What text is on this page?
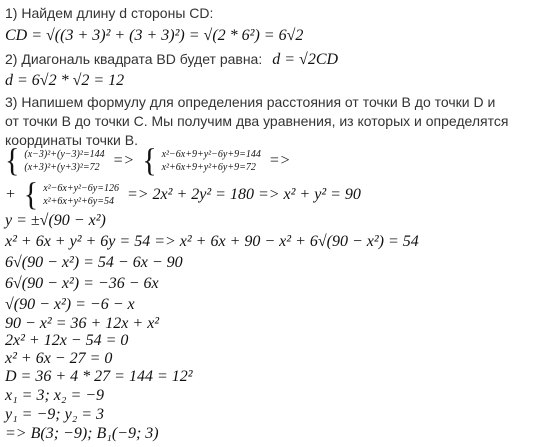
1) Найдем длину d стороны CD:
CD = √((3 + 3)² + (3 + 3)²) = √(2 * 6²) = 6√2
2) Диагональ квадрата BD будет равна: d = √2CD
d = 6√2 * √2 = 12
3) Напишем формулу для определения расстояния от точки B до точки D и
от точки B до точки C. Мы получим два уравнения, из которых и определятся
координаты точки B.
{ (x−3)²+(y−3)²=144
(x+3)²+(y+3)²=72 => { x²−6x+9+y²−6y+9=144
x²+6x+9+y²+6y+9=72 =>
+ { x²−6x+y²−6y=126
x²+6x+y²+6y=54 => 2x² + 2y² = 180 => x² + y² = 90
y = ±√(90 − x²)
x² + 6x + y² + 6y = 54 => x² + 6x + 90 − x² + 6√(90 − x²) = 54
6√(90 − x²) = 54 − 6x − 90
6√(90 − x²) = −36 − 6x
√(90 − x²) = −6 − x
90 − x² = 36 + 12x + x²
2x² + 12x − 54 = 0
x² + 6x − 27 = 0
D = 36 + 4 * 27 = 144 = 12²
x₁ = 3; x₂ = −9
y₁ = −9; y₂ = 3
=> B(3; −9); B₁(−9; 3)
